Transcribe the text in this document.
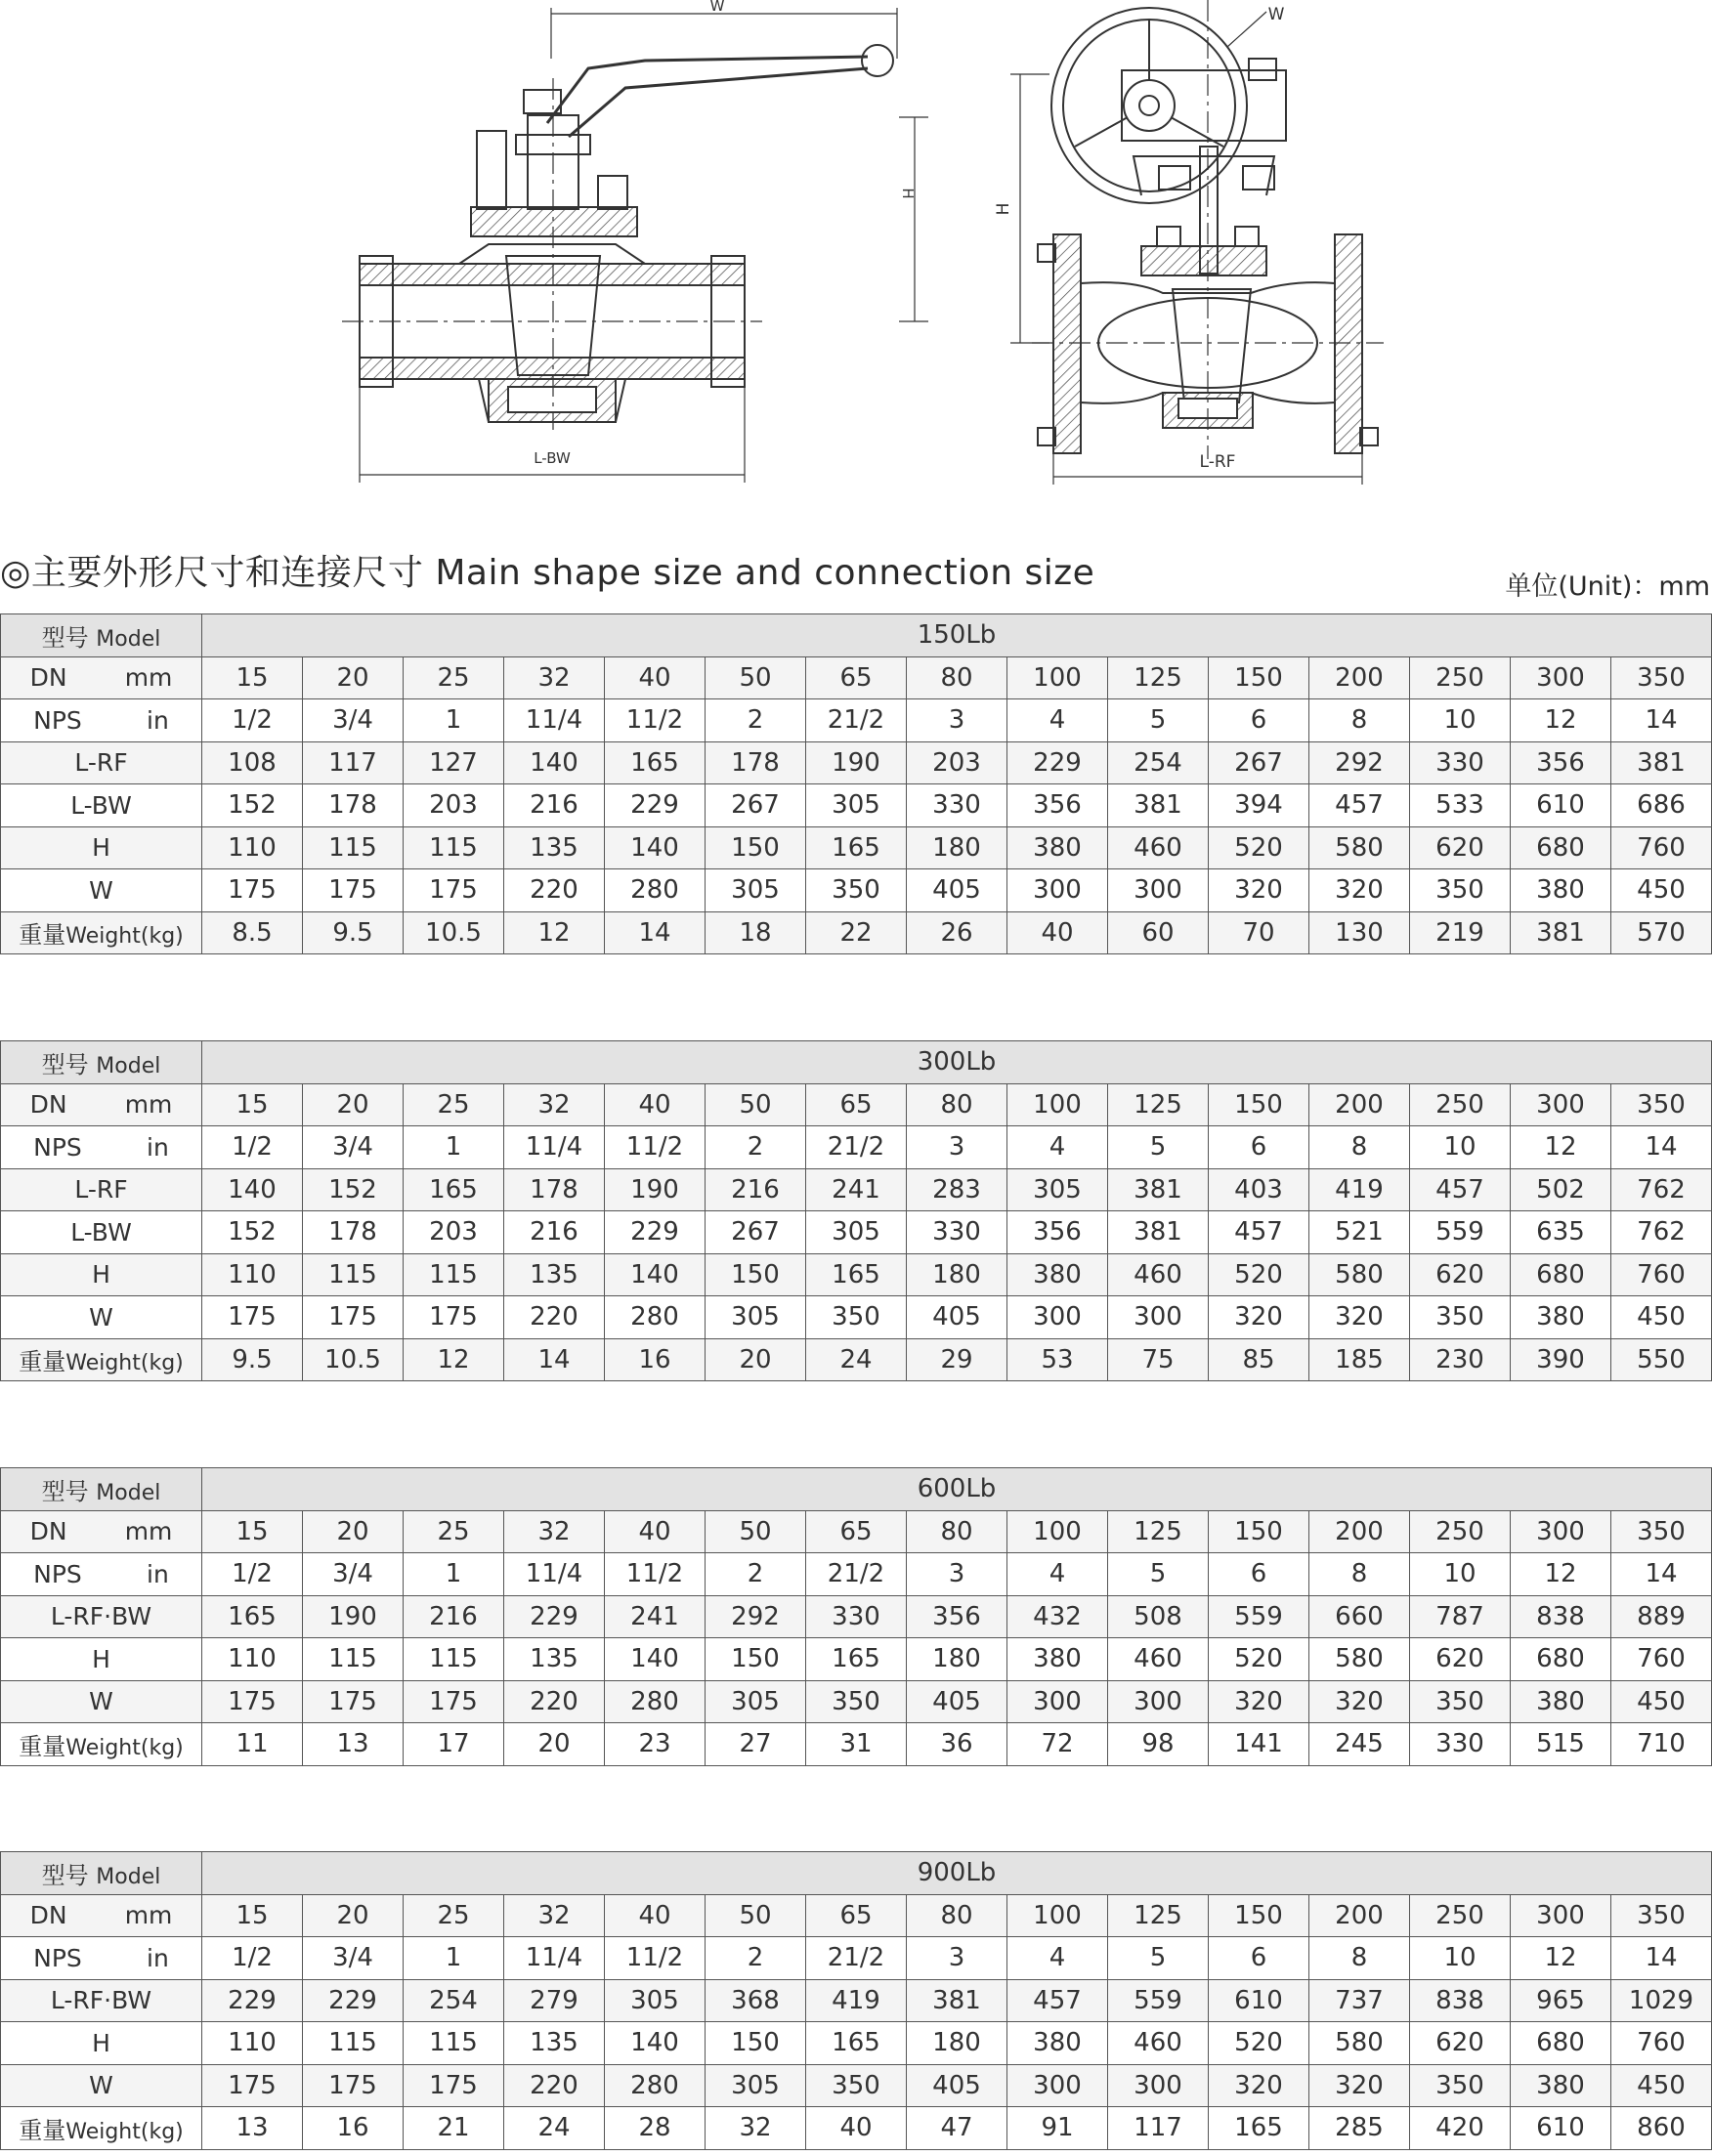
W
H
L-BW
W
H
L-RF
◎主要外形尺寸和连接尺寸 Main shape size and connection size	单位(Unit)：mm
型号 Model	150Lb														

DN mm	15	20	25	32	40	50	65	80	100	125	150	200	250	300	350

NPS in	1/2	3/4	1	11/4	11/2	2	21/2	3	4	5	6	8	10	12	14
L-RF	108	117	127	140	165	178	190	203	229	254	267	292	330	356	381
L-BW	152	178	203	216	229	267	305	330	356	381	394	457	533	610	686
H	110	115	115	135	140	150	165	180	380	460	520	580	620	680	760
W	175	175	175	220	280	305	350	405	300	300	320	320	350	380	450
重量Weight(kg)	8.5	9.5	10.5	12	14	18	22	26	40	60	70	130	219	381	570
型号 Model	300Lb														

DN mm	15	20	25	32	40	50	65	80	100	125	150	200	250	300	350

NPS in	1/2	3/4	1	11/4	11/2	2	21/2	3	4	5	6	8	10	12	14
L-RF	140	152	165	178	190	216	241	283	305	381	403	419	457	502	762
L-BW	152	178	203	216	229	267	305	330	356	381	457	521	559	635	762
H	110	115	115	135	140	150	165	180	380	460	520	580	620	680	760
W	175	175	175	220	280	305	350	405	300	300	320	320	350	380	450
重量Weight(kg)	9.5	10.5	12	14	16	20	24	29	53	75	85	185	230	390	550
型号 Model	600Lb														

DN mm	15	20	25	32	40	50	65	80	100	125	150	200	250	300	350

NPS in	1/2	3/4	1	11/4	11/2	2	21/2	3	4	5	6	8	10	12	14
L-RF·BW	165	190	216	229	241	292	330	356	432	508	559	660	787	838	889
H	110	115	115	135	140	150	165	180	380	460	520	580	620	680	760
W	175	175	175	220	280	305	350	405	300	300	320	320	350	380	450
重量Weight(kg)	11	13	17	20	23	27	31	36	72	98	141	245	330	515	710
型号 Model	900Lb														

DN mm	15	20	25	32	40	50	65	80	100	125	150	200	250	300	350

NPS in	1/2	3/4	1	11/4	11/2	2	21/2	3	4	5	6	8	10	12	14
L-RF·BW	229	229	254	279	305	368	419	381	457	559	610	737	838	965	1029
H	110	115	115	135	140	150	165	180	380	460	520	580	620	680	760
W	175	175	175	220	280	305	350	405	300	300	320	320	350	380	450
重量Weight(kg)	13	16	21	24	28	32	40	47	91	117	165	285	420	610	860
